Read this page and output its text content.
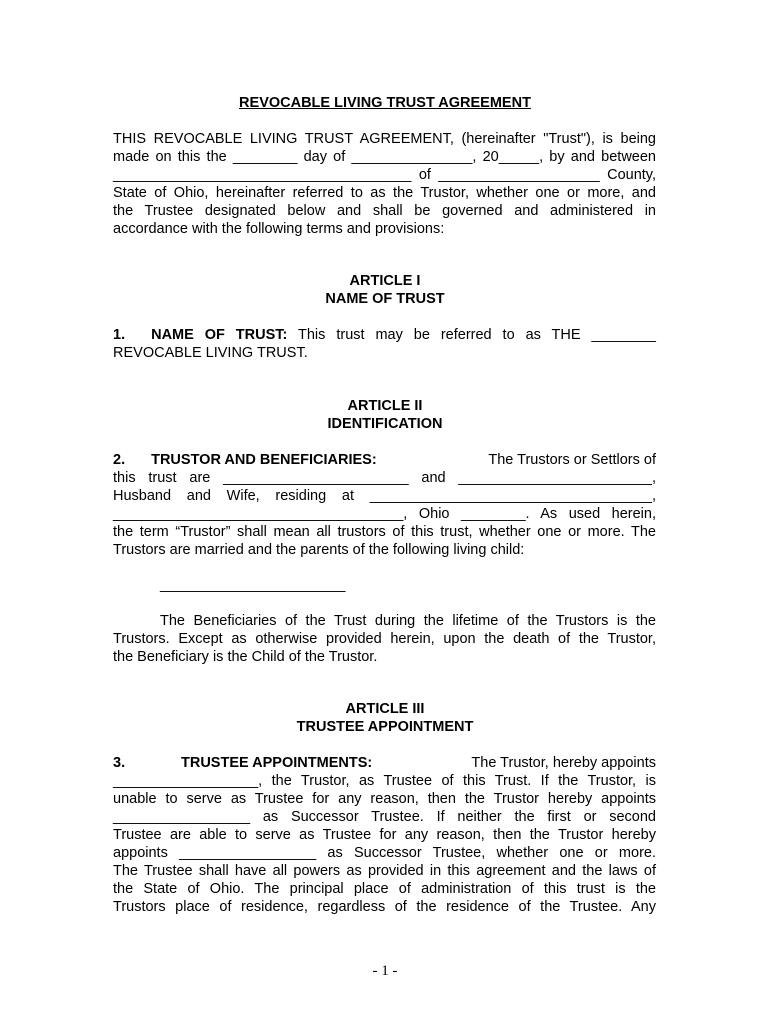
REVOCABLE LIVING TRUST AGREEMENT
THIS REVOCABLE LIVING TRUST AGREEMENT, (hereinafter "Trust"), is being
made on this the ________ day of _______________, 20_____, by and between
_____________________________________ of ____________________ County,
State of Ohio, hereinafter referred to as the Trustor, whether one or more, and
the Trustee designated below and shall be governed and administered in
accordance with the following terms and provisions:
ARTICLE I
NAME OF TRUST
1. NAME OF TRUST: This trust may be referred to as THE ________
REVOCABLE LIVING TRUST.
ARTICLE II
IDENTIFICATION
2. TRUSTOR AND BENEFICIARIES:	The Trustors or Settlors of
this trust are _______________________ and ________________________,
Husband and Wife, residing at ___________________________________,
____________________________________, Ohio ________. As used herein,
the term “Trustor” shall mean all trustors of this trust, whether one or more. The
Trustors are married and the parents of the following living child:
_______________________
The Beneficiaries of the Trust during the lifetime of the Trustors is the
Trustors. Except as otherwise provided herein, upon the death of the Trustor,
the Beneficiary is the Child of the Trustor.
ARTICLE III
TRUSTEE APPOINTMENT
3.	TRUSTEE APPOINTMENTS:	The Trustor, hereby appoints
__________________, the Trustor, as Trustee of this Trust. If the Trustor, is
unable to serve as Trustee for any reason, then the Trustor hereby appoints
_________________ as Successor Trustee. If neither the first or second
Trustee are able to serve as Trustee for any reason, then the Trustor hereby
appoints _________________ as Successor Trustee, whether one or more.
The Trustee shall have all powers as provided in this agreement and the laws of
the State of Ohio. The principal place of administration of this trust is the
Trustors place of residence, regardless of the residence of the Trustee. Any
- 1 -
